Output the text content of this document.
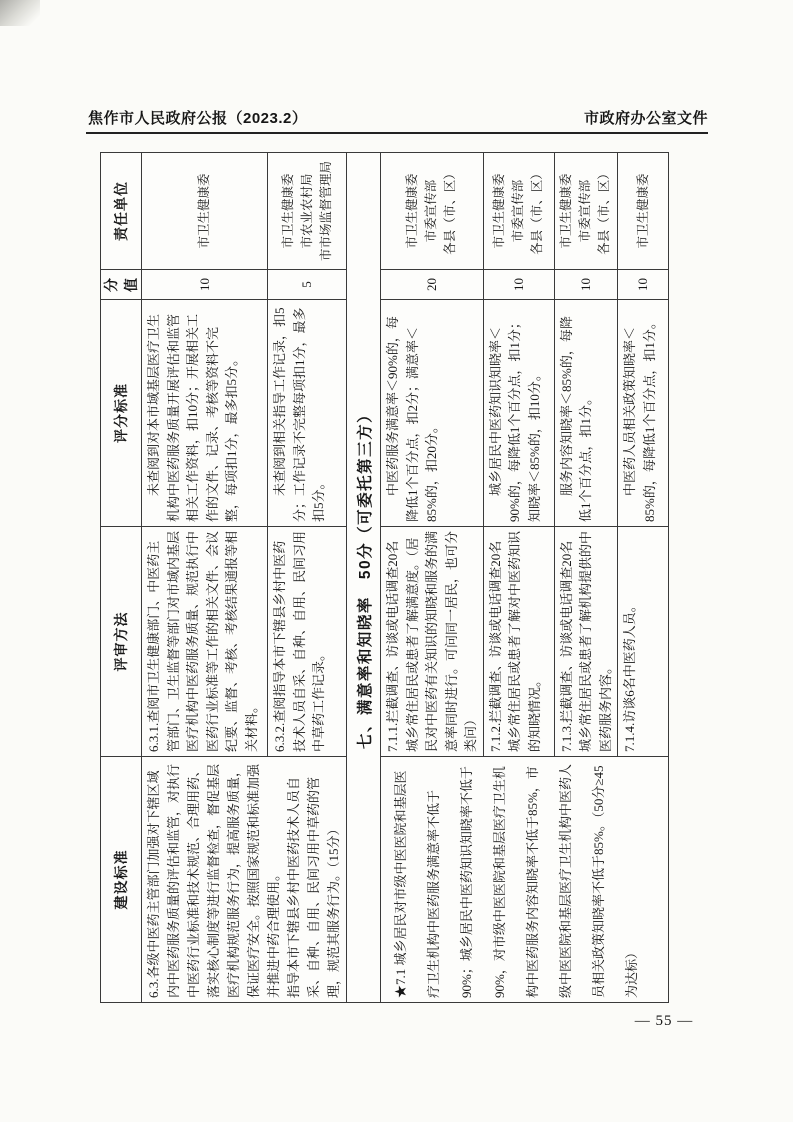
焦作市人民政府公报（2023.2）	市政府办公室文件
建设标准	评审方法	评分标准	分值	责任单位

6.3.各级中医药主管部门加强对下辖区域内中医药服务质量的评估和监管，对执行中医药行业标准和技术规范、合理用药、落实核心制度等进行监督检查，督促基层医疗机构规范服务行为，提高服务质量，保证医疗安全。按照国家规范和标准加强并推进中药合理使用。 指导本市下辖县乡村中医药技术人员自采、自种、自用、民间习用中草药的管理，规范其服务行为。（15分）	6.3.1.查阅市卫生健康部门、中医药主管部门、卫生监督等部门对市域内基层医疗机构中医药服务质量、规范执行中医药行业标准等工作的相关文件、会议纪要、监督、考核、考核结果通报等相关材料。	未查阅到对本市域基层医疗卫生机构中医药服务质量开展评估和监管相关工作资料，扣10分；开展相关工作的文件、记录、考核等资料不完整，每项扣1分，最多扣5分。	10	市卫生健康委

	6.3.2.查阅指导本市下辖县乡村中医药技术人员自采、自种、自用、民间习用中草药工作记录。	未查阅到相关指导工作记录，扣5分；工作记录不完整每项扣1分，最多扣5分。	5	市卫生健康委 市农业农村局 市市场监督管理局

七、满意率和知晓率　50分（可委托第三方）				

★7.1 城乡居民对市级中医医院和基层医疗卫生机构中医药服务满意率不低于90%；城乡居民中医药知识知晓率不低于90%，对市级中医医院和基层医疗卫生机构中医药服务内容知晓率不低于85%，市级中医医院和基层医疗卫生机构中医药人员相关政策知晓率不低于85%。（50分≥45为达标）	7.1.1.拦截调查、访谈或电话调查20名城乡常住居民或患者了解满意度。（居民对中医药有关知识的知晓和服务的满意率同时进行。可问同一居民，也可分类问）	中医药服务满意率＜90%的，每降低1个百分点，扣2分；满意率＜85%的，扣20分。	20	市卫生健康委 市委宣传部 各县（市、区）

	7.1.2.拦截调查、访谈或电话调查20名城乡常住居民或患者了解对中医药知识的知晓情况。	城乡居民中医药知识知晓率＜90%的，每降低1个百分点，扣1分；知晓率＜85%的，扣10分。	10	市卫生健康委 市委宣传部 各县（市、区）

	7.1.3.拦截调查、访谈或电话调查20名城乡常住居民或患者了解机构提供的中医药服务内容。	服务内容知晓率＜85%的，每降低1个百分点，扣1分。	10	市卫生健康委 市委宣传部 各县（市、区）

	7.1.4.访谈6名中医药人员。	中医药人员相关政策知晓率＜85%的，每降低1个百分点，扣1分。	10	市卫生健康委
— 55 —
